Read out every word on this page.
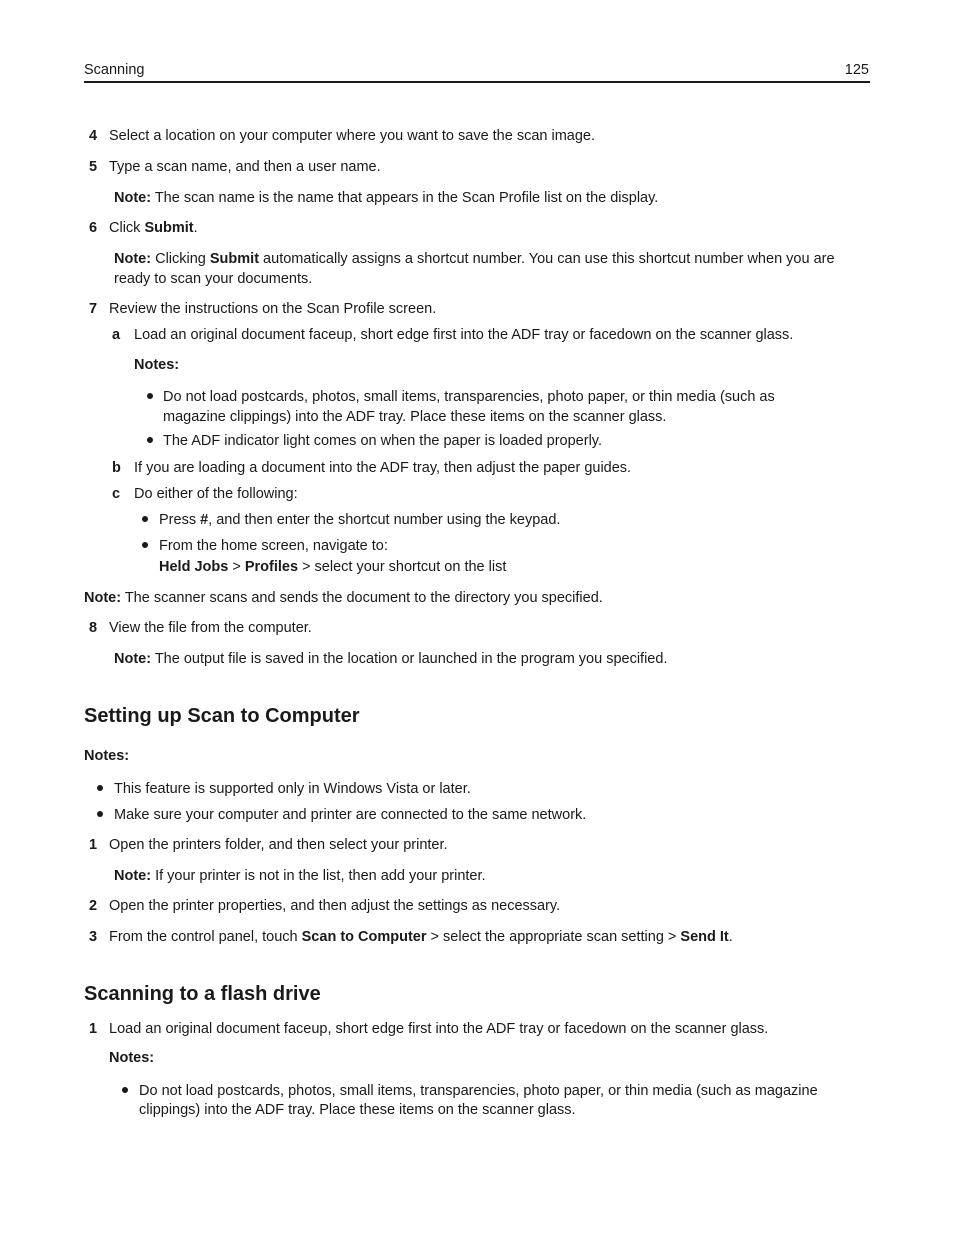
Scanning	125
4 Select a location on your computer where you want to save the scan image.
5 Type a scan name, and then a user name.
Note: The scan name is the name that appears in the Scan Profile list on the display.
6 Click Submit.
Note: Clicking Submit automatically assigns a shortcut number. You can use this shortcut number when you are
ready to scan your documents.
7 Review the instructions on the Scan Profile screen.
a Load an original document faceup, short edge first into the ADF tray or facedown on the scanner glass.
Notes:
Do not load postcards, photos, small items, transparencies, photo paper, or thin media (such as
magazine clippings) into the ADF tray. Place these items on the scanner glass.
The ADF indicator light comes on when the paper is loaded properly.
b If you are loading a document into the ADF tray, then adjust the paper guides.
c Do either of the following:
Press #, and then enter the shortcut number using the keypad.
From the home screen, navigate to:
Held Jobs > Profiles > select your shortcut on the list
Note: The scanner scans and sends the document to the directory you specified.
8 View the file from the computer.
Note: The output file is saved in the location or launched in the program you specified.
Setting up Scan to Computer
Notes:
This feature is supported only in Windows Vista or later.
Make sure your computer and printer are connected to the same network.
1 Open the printers folder, and then select your printer.
Note: If your printer is not in the list, then add your printer.
2 Open the printer properties, and then adjust the settings as necessary.
3 From the control panel, touch Scan to Computer > select the appropriate scan setting > Send It.
Scanning to a flash drive
1 Load an original document faceup, short edge first into the ADF tray or facedown on the scanner glass.
Notes:
Do not load postcards, photos, small items, transparencies, photo paper, or thin media (such as magazine
clippings) into the ADF tray. Place these items on the scanner glass.
